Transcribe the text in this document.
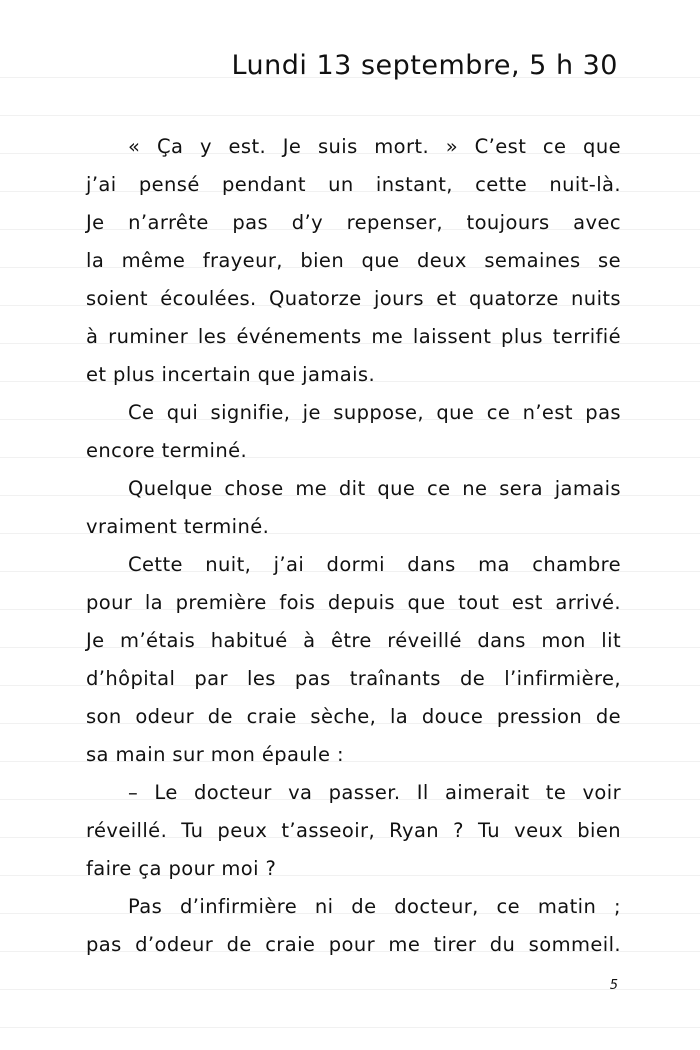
Lundi 13 septembre, 5 h 30
« Ça y est. Je suis mort. » C’est ce que
j’ai pensé pendant un instant, cette nuit-là.
Je n’arrête pas d’y repenser, toujours avec
la même frayeur, bien que deux semaines se
soient écoulées. Quatorze jours et quatorze nuits
à ruminer les événements me laissent plus terrifié
et plus incertain que jamais.
Ce qui signifie, je suppose, que ce n’est pas
encore terminé.
Quelque chose me dit que ce ne sera jamais
vraiment terminé.
Cette nuit, j’ai dormi dans ma chambre
pour la première fois depuis que tout est arrivé.
Je m’étais habitué à être réveillé dans mon lit
d’hôpital par les pas traînants de l’infirmière,
son odeur de craie sèche, la douce pression de
sa main sur mon épaule :
– Le docteur va passer. Il aimerait te voir
réveillé. Tu peux t’asseoir, Ryan ? Tu veux bien
faire ça pour moi ?
Pas d’infirmière ni de docteur, ce matin ;
pas d’odeur de craie pour me tirer du sommeil.
5
